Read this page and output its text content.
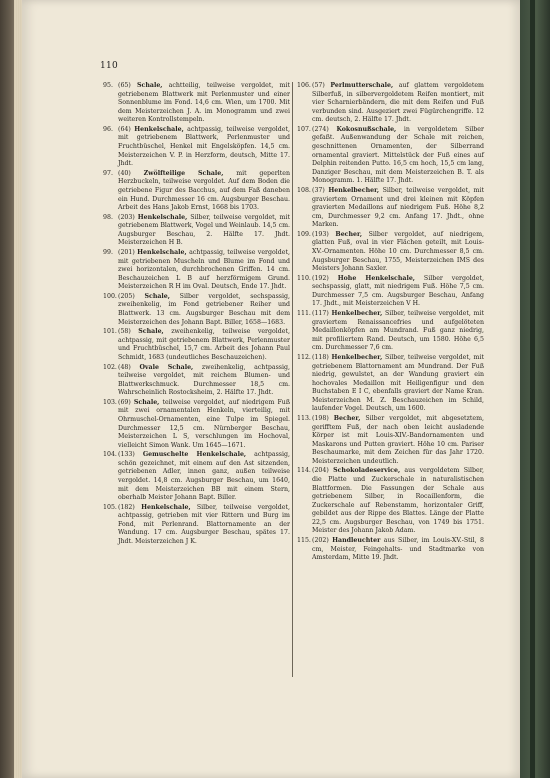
110
95. (65) Schale, achtteilig, teilweise vergoldet, mit getriebenem Blattwerk mit Perlenmuster und einer Sonnenblume im Fond. 14,6 cm. Wien, um 1700. Mit dem Meisterzeichen J. A. im Monogramm und zwei weiteren Kontrollstempeln.
96. (64) Henkelschale, achtpassig, teilweise vergoldet, mit getriebenem Blattwerk, Perlenmuster und Fruchtbüschel, Henkel mit Engelsköpfen. 14,5 cm. Meisterzeichen V. P. in Herzform, deutsch, Mitte 17. Jhdt.
97. (40) Zwölfteilige Schale, mit geperlten Herzbuckeln, teilweise vergoldet. Auf dem Boden die getriebene Figur des Bacchus, auf dem Faß daneben ein Hund. Durchmesser 16 cm. Augsburger Beschau. Arbeit des Hans Jakob Ernst, 1668 bis 1703.
98. (203) Henkelschale, Silber, teilweise vergoldet, mit getriebenem Blattwerk, Vogel und Weinlaub. 14,5 cm. Augsburger Beschau, 2. Hälfte 17. Jhdt. Meisterzeichen H B.
99. (201) Henkelschale, achtpassig, teilweise vergoldet, mit getriebenen Muscheln und Blume im Fond und zwei horizontalen, durchbrochenen Griffen. 14 cm. Beschauzeichen L B auf herzförmigem Grund. Meisterzeichen R H im Oval. Deutsch, Ende 17. Jhdt.
100. (205) Schale, Silber vergoldet, sechspassig, zweihenkelig, im Fond getriebener Reiher und Blattwerk. 13 cm. Augsburger Beschau mit dem Meisterzeichen des Johann Bapt. Biller, 1658—1683.
101. (58) Schale, zweihenkelig, teilweise vergoldet, achtpassig, mit getriebenem Blattwerk, Perlenmuster und Fruchtbüschel, 15,7 cm. Arbeit des Johann Paul Schmidt, 1683 (undeutliches Beschauzeichen).
102. (48) Ovale Schale, zweihenkelig, achtpassig, teilweise vergoldet, mit reichem Blumen- und Blattwerkschmuck. Durchmesser 18,5 cm. Wahrscheinlich Rostocksheim, 2. Hälfte 17. Jhdt.
103. (69) Schale, teilweise vergoldet, auf niedrigem Fuß mit zwei ornamentalen Henkeln, vierteilig, mit Ohrmuschel-Ornamenten, eine Tulpe im Spiegel. Durchmesser 12,5 cm. Nürnberger Beschau, Meisterzeichen L S, verschlungen im Hochoval, vielleicht Simon Wank. Um 1645—1671.
104. (133) Gemuschelte Henkelschale, achtpassig, schön gezeichnet, mit einem auf den Ast sitzenden, getriebenen Adler, innen ganz, außen teilweise vergoldet. 14,8 cm. Augsburger Beschau, um 1640, mit dem Meisterzeichen BB mit einem Stern, oberhalb Meister Johann Bapt. Biller.
105. (182) Henkelschale, Silber, teilweise vergoldet, achtpassig, getrieben mit vier Rittern und Burg im Fond, mit Perlenrand. Blattornamente an der Wandung. 17 cm. Augsburger Beschau, spätes 17. Jhdt. Meisterzeichen J K.
106. (57) Perlmutterschale, auf glattem vergoldetem Silberfuß, in silbervergoldetem Reifen montiert, mit vier Scharnierbändern, die mit dem Reifen und Fuß verbunden sind. Ausgeziert zwei Fügürchengriffe. 12 cm. deutsch, 2. Hälfte 17. Jhdt.
107. (274) Kokosnußschale, in vergoldetem Silber gefaßt. Außenwandung der Schale mit reichen, geschnittenen Ornamenten, der Silberrand ornamental graviert. Mittelstück der Fuß eines auf Delphin reitenden Putto. 16,5 cm hoch, 15,5 cm lang, Danziger Beschau, mit dem Meisterzeichen B. T. als Monogramm. 1. Hälfte 17. Jhdt.
108. (37) Henkelbecher, Silber, teilweise vergoldet, mit graviertem Ornament und drei kleinen mit Köpfen gravierten Medaillons auf niedrigem Fuß. Höhe 8,2 cm, Durchmesser 9,2 cm. Anfang 17. Jhdt., ohne Marken.
109. (193) Becher, Silber vergoldet, auf niedrigem, glatten Fuß, oval in vier Flächen geteilt, mit Louis-XV.-Ornamenten. Höhe 10 cm. Durchmesser 8,5 cm. Augsburger Beschau, 1755, Meisterzeichen IMS des Meisters Johann Saxler.
110. (192) Hohe Henkelschale, Silber vergoldet, sechspassig, glatt, mit niedrigem Fuß. Höhe 7,5 cm. Durchmesser 7,5 cm. Augsburger Beschau, Anfang 17. Jhdt., mit Meisterzeichen V H.
111. (117) Henkelbecher, Silber, teilweise vergoldet, mit graviertem Renaissancefries und aufgelöteten Medaillonköpfen am Mundrand. Fuß ganz niedrig, mit profiliertem Rand. Deutsch, um 1580. Höhe 6,5 cm. Durchmesser 7,6 cm.
112. (118) Henkelbecher, Silber, teilweise vergoldet, mit getriebenem Blattornament am Mundrand. Der Fuß niedrig, gewulstet, an der Wandung graviert ein hochovales Medaillon mit Heiligenfigur und den Buchstaben E I C, ebenfalls graviert der Name Kran. Meisterzeichen M. Z. Beschauzeichen im Schild, laufender Vogel. Deutsch, um 1600.
113. (198) Becher, Silber vergoldet, mit abgesetztem, gerifftem Fuß, der nach oben leicht ausladende Körper ist mit Louis-XIV.-Bandornamenten und Maskarons und Putten graviert. Höhe 10 cm. Pariser Beschaumarke, mit dem Zeichen für das Jahr 1720. Meisterzeichen undeutlich.
114. (204) Schokoladeservice, aus vergoldetem Silber, die Platte und Zuckerschale in naturalistischen Blattformen. Die Fassungen der Schale aus getriebenem Silber, in Rocaillenform, die Zuckerschale auf Rebenstamm, horizontaler Griff, gebildet aus der Rippe des Blattes. Länge der Platte 22,5 cm. Augsburger Beschau, von 1749 bis 1751. Meister des Johann Jakob Adam.
115. (202) Handleuchter aus Silber, im Louis-XV.-Stil, 8 cm, Meister, Feingehalts- und Stadtmarke von Amsterdam, Mitte 19. Jhdt.
